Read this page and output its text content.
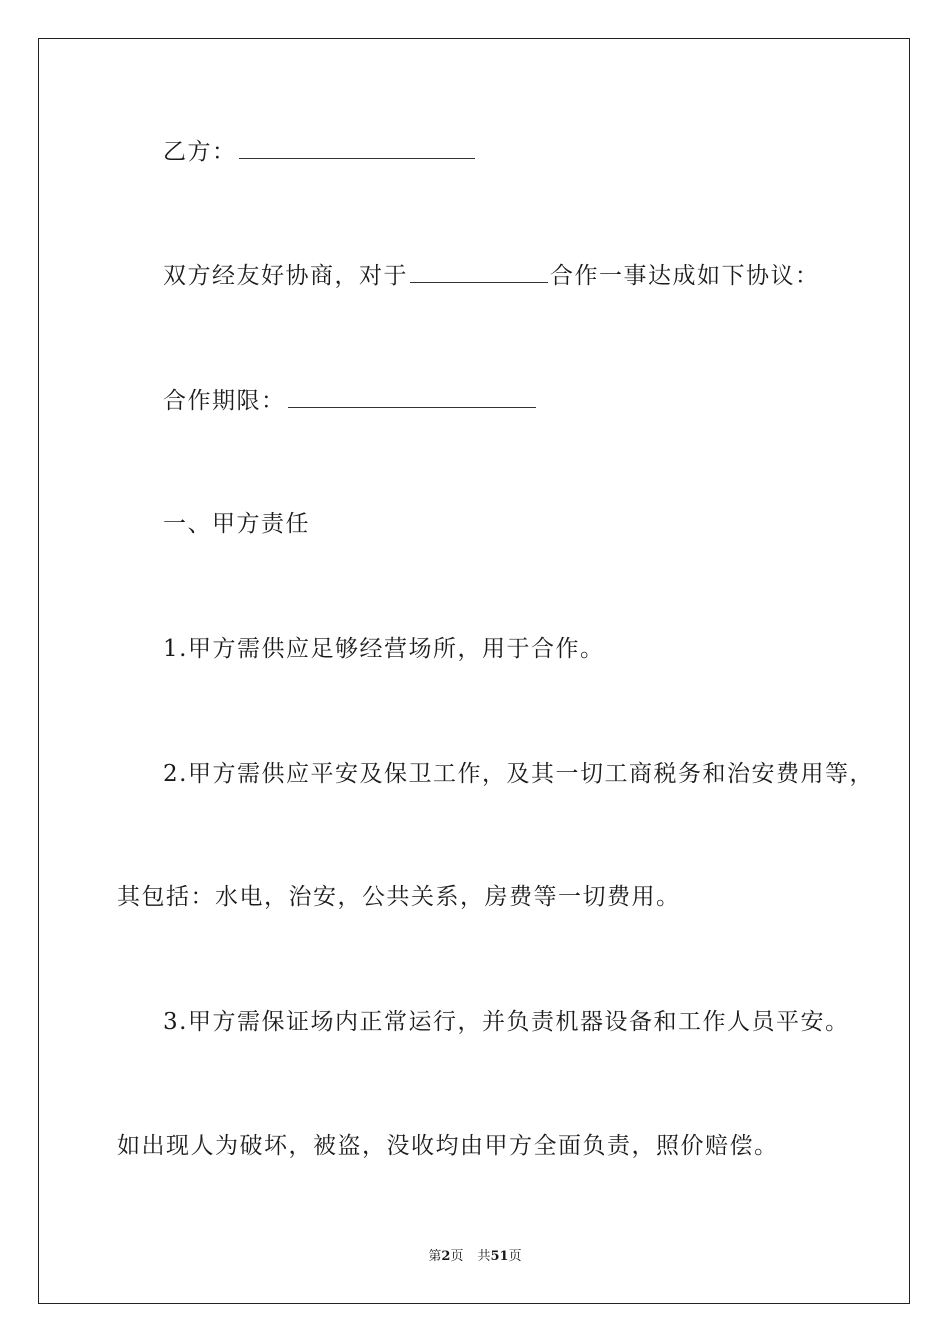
乙方：
双方经友好协商，对于	合作一事达成如下协议：
合作期限：
一、甲方责任
1.甲方需供应足够经营场所，用于合作。
2.甲方需供应平安及保卫工作，及其一切工商税务和治安费用等，
其包括：水电，治安，公共关系，房费等一切费用。
3.甲方需保证场内正常运行，并负责机器设备和工作人员平安。
如出现人为破坏，被盗，没收均由甲方全面负责，照价赔偿。
第2页 共51页
